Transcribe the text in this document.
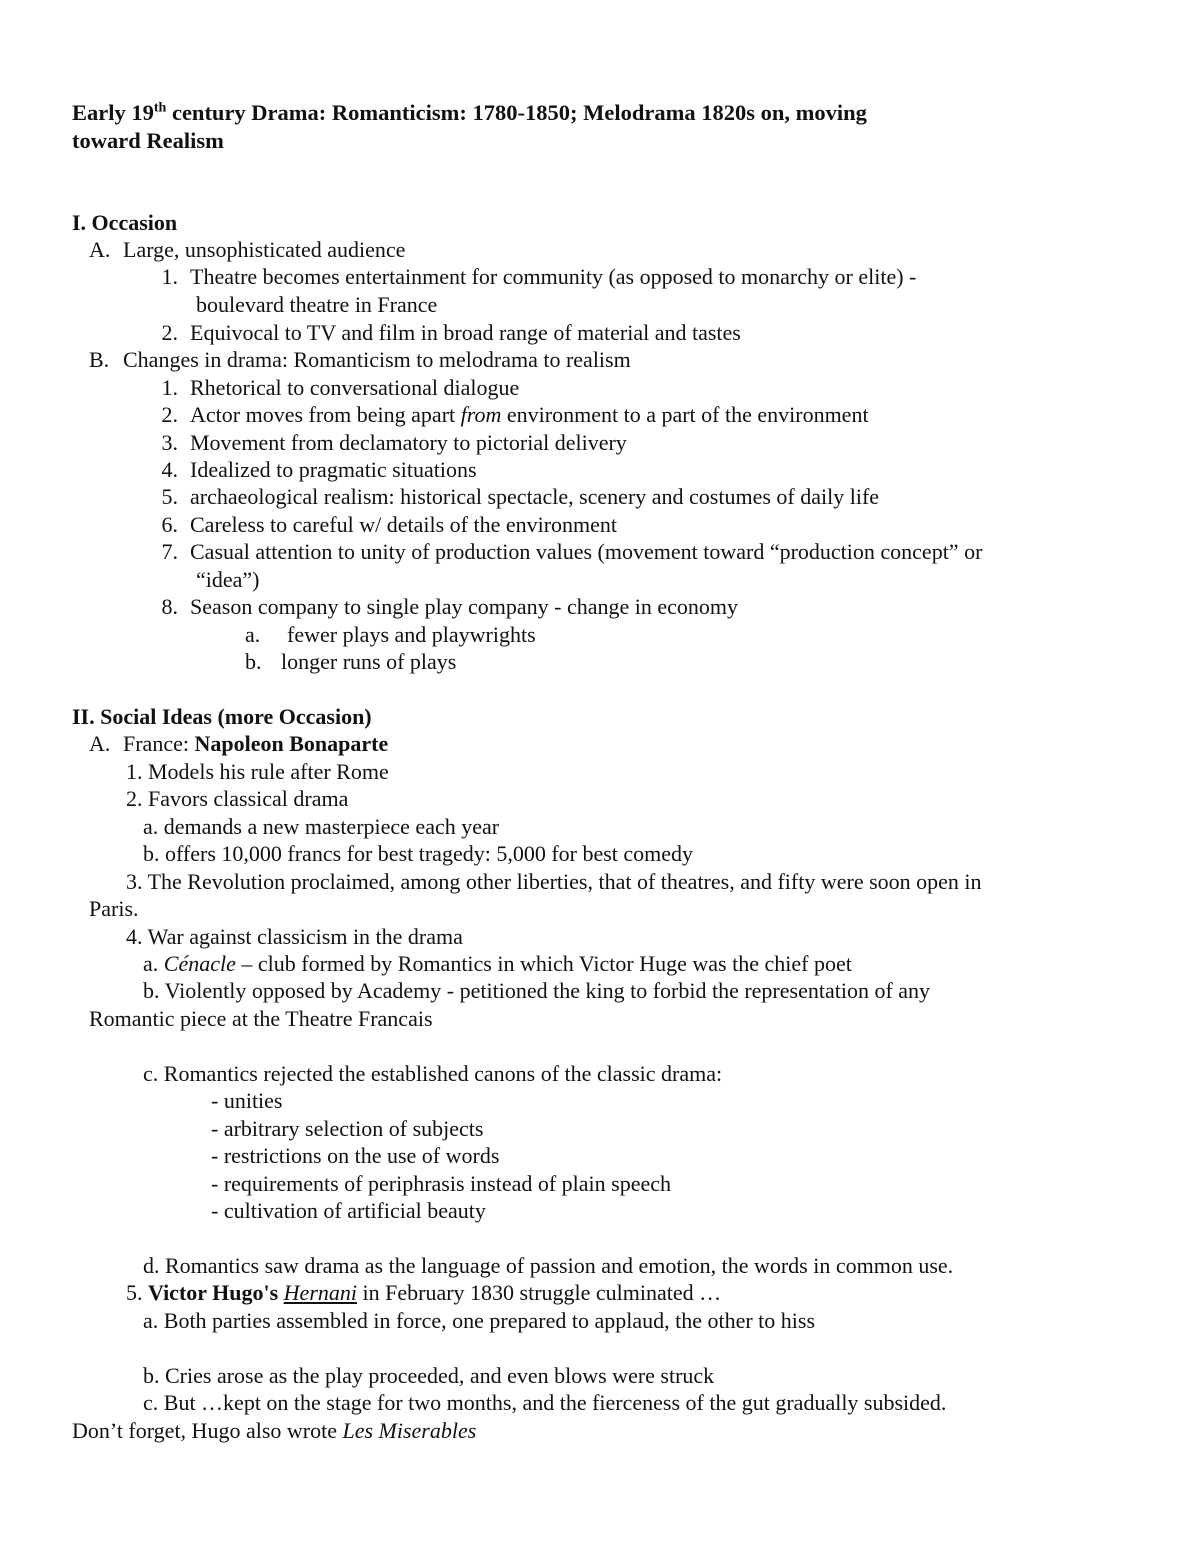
Early 19th century Drama: Romanticism: 1780-1850; Melodrama 1820s on, moving
toward Realism
I. Occasion
A. Large, unsophisticated audience
1. Theatre becomes entertainment for community (as opposed to monarchy or elite) -
boulevard theatre in France
2. Equivocal to TV and film in broad range of material and tastes
B. Changes in drama: Romanticism to melodrama to realism
1. Rhetorical to conversational dialogue
2. Actor moves from being apart from environment to a part of the environment
3. Movement from declamatory to pictorial delivery
4. Idealized to pragmatic situations
5. archaeological realism: historical spectacle, scenery and costumes of daily life
6. Careless to careful w/ details of the environment
7. Casual attention to unity of production values (movement toward “production concept” or
“idea”)
8. Season company to single play company - change in economy
a. fewer plays and playwrights
b. longer runs of plays
II. Social Ideas (more Occasion)
A. France: Napoleon Bonaparte
1. Models his rule after Rome
2. Favors classical drama
a. demands a new masterpiece each year
b. offers 10,000 francs for best tragedy: 5,000 for best comedy
3. The Revolution proclaimed, among other liberties, that of theatres, and fifty were soon open in
Paris.
4. War against classicism in the drama
a. Cénacle – club formed by Romantics in which Victor Huge was the chief poet
b. Violently opposed by Academy - petitioned the king to forbid the representation of any
Romantic piece at the Theatre Francais
c. Romantics rejected the established canons of the classic drama:
- unities
- arbitrary selection of subjects
- restrictions on the use of words
- requirements of periphrasis instead of plain speech
- cultivation of artificial beauty
d. Romantics saw drama as the language of passion and emotion, the words in common use.
5. Victor Hugo's Hernani in February 1830 struggle culminated …
a. Both parties assembled in force, one prepared to applaud, the other to hiss
b. Cries arose as the play proceeded, and even blows were struck
c. But …kept on the stage for two months, and the fierceness of the gut gradually subsided.
Don’t forget, Hugo also wrote Les Miserables
